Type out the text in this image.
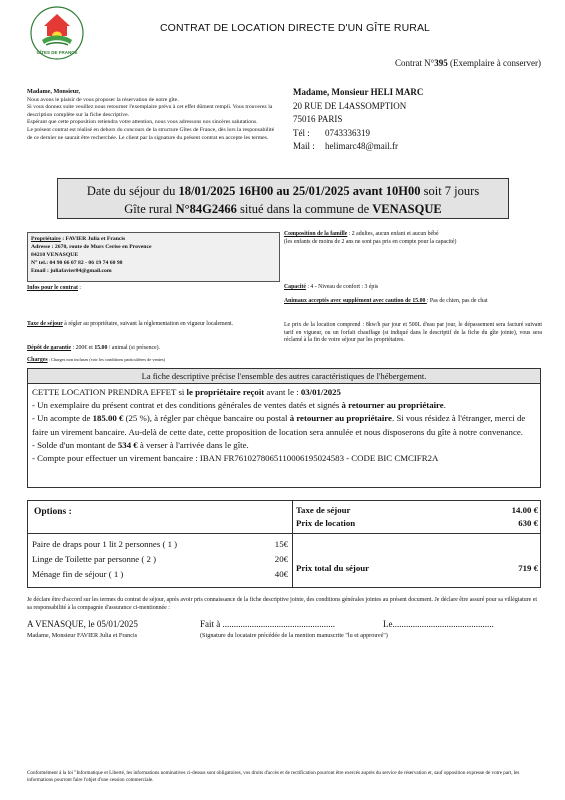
GÎTES DE FRANCE
CONTRAT DE LOCATION DIRECTE D'UN GÎTE RURAL
Contrat N°395 (Exemplaire à conserver)
Madame, Monsieur,
Nous avons le plaisir de vous proposer la réservation de notre gîte.
Si vous donnez suite veuillez nous retourner l'exemplaire prévu à cet effet dûment rempli. Vous trouverez la description complète sur la fiche descriptive.
Espérant que cette proposition retiendra votre attention, nous vous adressons nos sincères salutations.
Le présent contrat est réalisé en dehors du concours de la structure Gîtes de France, dès lors la responsabilité de ce dernier ne saurait être recherchée. Le client par la signature du présent contrat en accepte les termes.
Madame, Monsieur HELI MARC
20 RUE DE L4ASSOMPTION
75016 PARIS
Tél : 0743336319
Mail : helimarc48@mail.fr
Date du séjour du 18/01/2025 16H00 au 25/01/2025 avant 10H00 soit 7 jours
Gîte rural N°84G2466 situé dans la commune de VENASQUE
Propriétaire : FAVIER Julia et Francis
Adresse : 2670, route de Murs Cerise en Provence
84210 VENASQUE
N° tel.: 04 90 66 07 82 - 06 19 74 60 98
Email : juliafavier84@gmail.com
Infos pour le contrat :
Taxe de séjour à régler au propriétaire, suivant la réglementation en vigueur localement.
Dépôt de garantie : 200€ et 15.00 / animal (si présence).
Charges : Charges non incluses (voir les conditions particulières de ventes)
Composition de la famille : 2 adultes, aucun enfant et aucun bébé
(les enfants de moins de 2 ans ne sont pas pris en compte pour la capacité)
Capacité : 4 - Niveau de confort : 3 épis
Animaux acceptés avec supplément avec caution de 15.00 : Pas de chien, pas de chat
Le prix de la location comprend : 8kw/h par jour et 500L d'eau par jour, le dépassement sera facturé suivant tarif en vigueur, ou un forfait chauffage (si indiqué dans le descriptif de la fiche du gîte jointe), vous sera réclamé à la fin de votre séjour par les propriétaires.
La fiche descriptive précise l'ensemble des autres caractéristiques de l'hébergement.
CETTE LOCATION PRENDRA EFFET si le propriétaire reçoit avant le : 03/01/2025
- Un exemplaire du présent contrat et des conditions générales de ventes datés et signés à retourner au propriétaire.
- Un acompte de 185.00 € (25 %), à régler par chèque bancaire ou postal à retourner au propriétaire. Si vous résidez à l'étranger, merci de faire un virement bancaire. Au-delà de cette date, cette proposition de location sera annulée et nous disposerons du gîte à notre convenance.
- Solde d'un montant de 534 € à verser à l'arrivée dans le gîte.
- Compte pour effectuer un virement bancaire : IBAN FR7610278065110006195024583 - CODE BIC CMCIFR2A
Options :
Paire de draps pour 1 lit 2 personnes ( 1 )	15€
Linge de Toilette par personne ( 2 )	20€
Ménage fin de séjour ( 1 )	40€
Taxe de séjour	14.00 €
Prix de location	630 €
Prix total du séjour	719 €
Je déclare être d'accord sur les termes du contrat de séjour, après avoir pris connaissance de la fiche descriptive jointe, des conditions générales jointes au présent document. Je déclare être assuré pour sa villégiature et sa responsabilité à la compagnie d'assurance ci-mentionnée :
A VENASQUE, le 05/01/2025	Fait à ..................................................	Le.............................................
Madame, Monsieur FAVIER Julia et Francis	(Signature du locataire précédée de la mention manuscrite "lu et approuvé")
Conformément à la loi "Informatique et Liberté, les informations nominatives ci-dessus sont obligatoires, vos droits d'accès et de rectification pourront être exercés auprès du service de réservation et, sauf opposition expresse de votre part, les informations pourront faire l'objet d'une cession commerciale.
